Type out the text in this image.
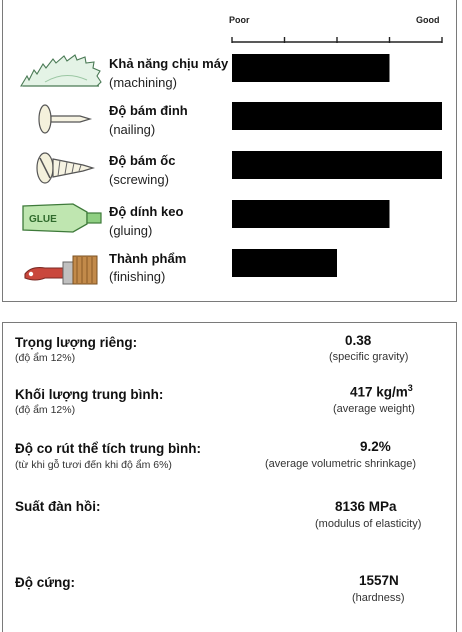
Poor	Good
Khả năng chịu máy
(machining)
Độ bám đinh
(nailing)
Độ bám ốc
(screwing)
Độ dính keo
(gluing)
Thành phẩm
(finishing)
GLUE
Trọng lượng riêng:
(độ ẩm 12%)
0.38
(specific gravity)
Khối lượng trung bình:
(độ ẩm 12%)
417 $kg/m^3$
(average weight)
Độ co rút thể tích trung bình:
(từ khi gỗ tươi đến khi độ ẩm 6%)
9.2%
(average volumetric shrinkage)
Suất đàn hồi:	8136 MPa
(modulus of elasticity)
Độ cứng:	1557N
(hardness)
